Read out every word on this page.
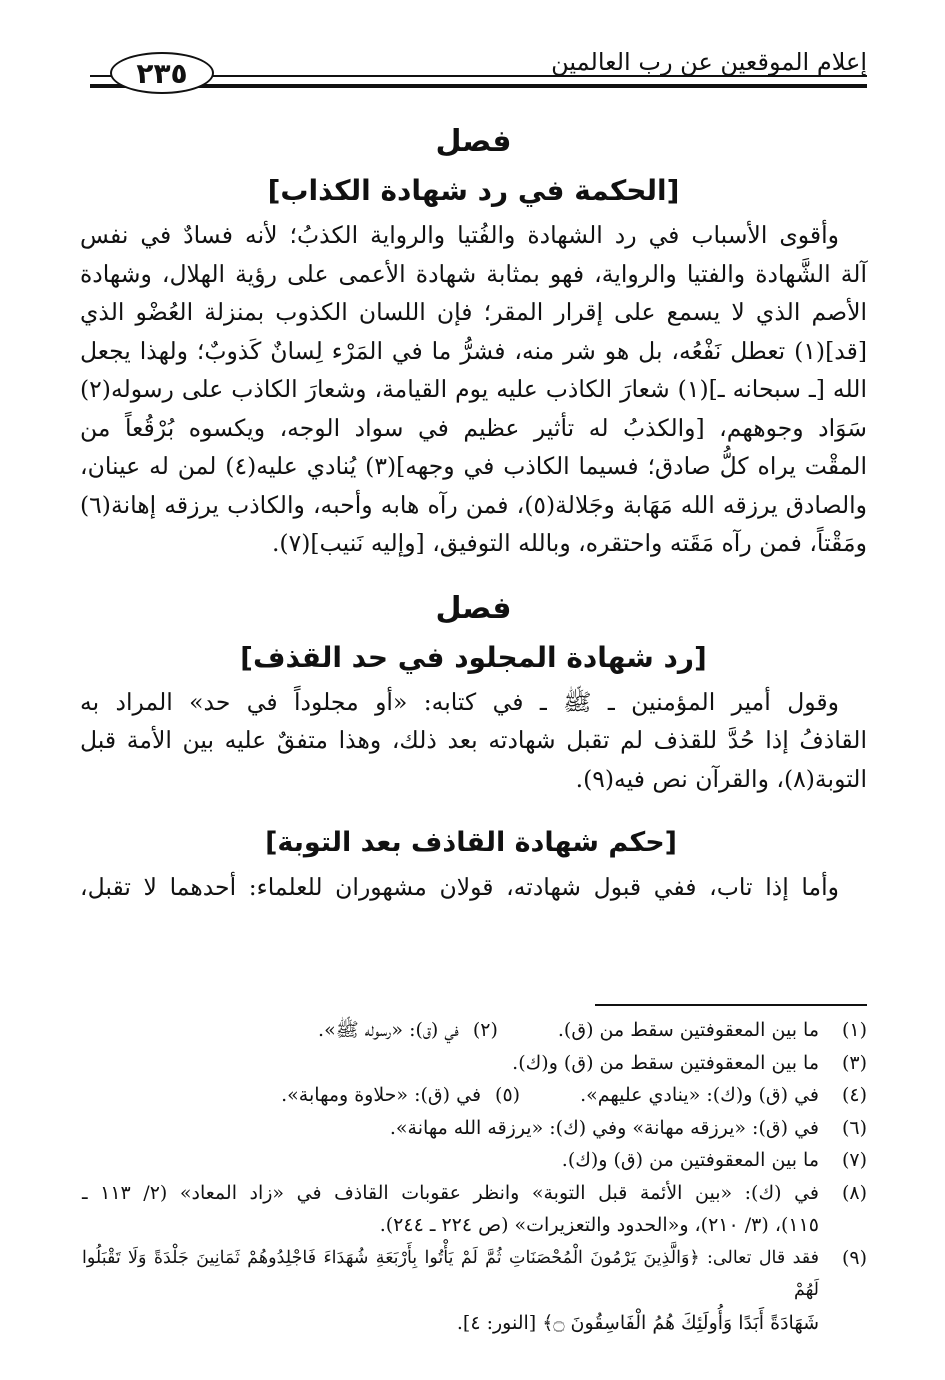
إعلام الموقعين عن رب العالمين
٢٣٥

فصل

[الحكمة في رد شهادة الكذاب]

وأقوى الأسباب في رد الشهادة والفُتيا والرواية الكذبُ؛ لأنه فسادٌ في نفس
آلة الشَّهادة والفتيا والرواية، فهو بمثابة شهادة الأعمى على رؤية الهلال، وشهادة
الأصم الذي لا يسمع على إقرار المقر؛ فإن اللسان الكذوب بمنزلة العُضْو الذي
[قد](١) تعطل نَفْعُه، بل هو شر منه، فشرُّ ما في المَرْء لِسانٌ كَذوبٌ؛ ولهذا يجعل
الله [ـ سبحانه ـ](١) شعارَ الكاذب عليه يوم القيامة، وشعارَ الكاذب على رسوله(٢)
سَوَاد وجوههم، [والكذبُ له تأثير عظيم في سواد الوجه، ويكسوه بُرْقُعاً من
المقْت يراه كلُّ صادق؛ فسيما الكاذب في وجهه](٣) يُنادي عليه(٤) لمن له عينان،
والصادق يرزقه الله مَهَابة وجَلالة(٥)، فمن رآه هابه وأحبه، والكاذب يرزقه إهانة(٦)
ومَقْتاً، فمن رآه مَقَته واحتقره، وبالله التوفيق، [وإليه نَنيب](٧).

فصل

[رد شهادة المجلود في حد القذف]

وقول أمير المؤمنين ـ ﷺ ـ في كتابه: «أو مجلوداً في حد» المراد به
القاذفُ إذا حُدَّ للقذف لم تقبل شهادته بعد ذلك، وهذا متفقٌ عليه بين الأمة قبل
التوبة(٨)، والقرآن نص فيه(٩).

[حكم شهادة القاذف بعد التوبة]

وأما إذا تاب، ففي قبول شهادته، قولان مشهوران للعلماء: أحدهما لا تقبل،
(١)
ما بين المعقوفتين سقط من (ق).
(٢)
في (ق): «رسوله ﷺ».
(٣)
ما بين المعقوفتين سقط من (ق) و(ك).
(٤)
في (ق) و(ك): «ينادي عليهم».
(٥)
في (ق): «حلاوة ومهابة».
(٦)
في (ق): «يرزقه مهانة» وفي (ك): «يرزقه الله مهانة».
(٧)
ما بين المعقوفتين من (ق) و(ك).
(٨)
في (ك): «بين الأئمة قبل التوبة» وانظر عقوبات القاذف في «زاد المعاد» (٢/ ١١٣ ـ
١١٥)، (٣/ ٢١٠)، و«الحدود والتعزيرات» (ص ٢٢٤ ـ ٢٤٤).
(٩)
فقد قال تعالى: ﴿وَالَّذِينَ يَرْمُونَ الْمُحْصَنَاتِ ثُمَّ لَمْ يَأْتُوا بِأَرْبَعَةِ شُهَدَاءَ فَاجْلِدُوهُمْ ثَمَانِينَ جَلْدَةً وَلَا تَقْبَلُوا لَهُمْ
شَهَادَةً أَبَدًا وَأُولَئِكَ هُمُ الْفَاسِقُونَ ۝﴾ [النور: ٤].
